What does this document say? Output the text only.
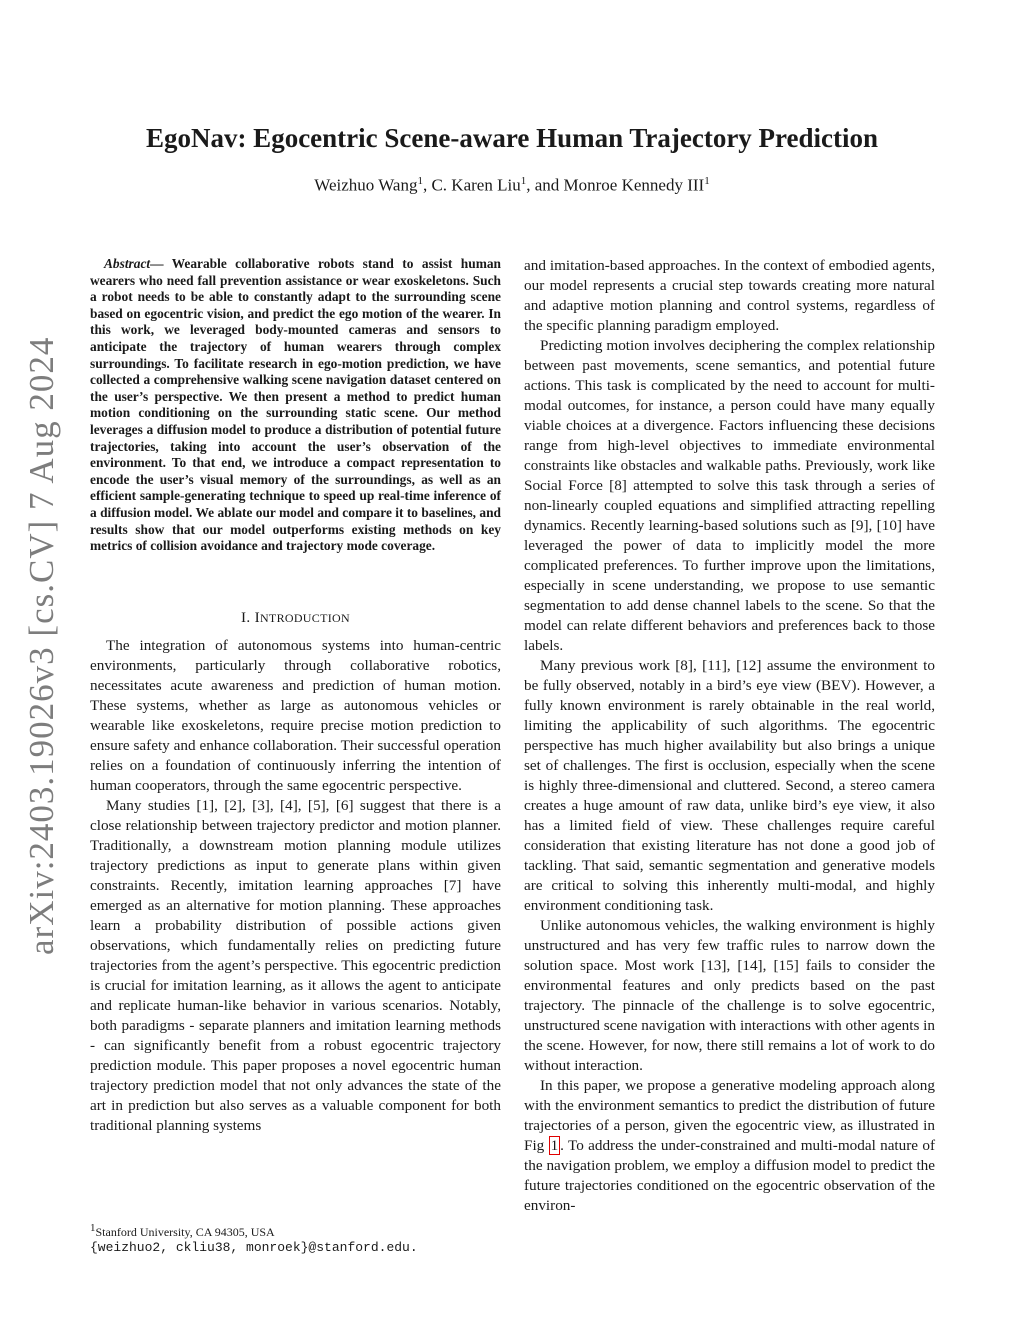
arXiv:2403.19026v3 [cs.CV] 7 Aug 2024
EgoNav: Egocentric Scene-aware Human Trajectory Prediction
Weizhuo Wang$^1$, C. Karen Liu$^1$, and Monroe Kennedy III$^1$

Abstract— Wearable collaborative robots stand to assist human wearers who need fall prevention assistance or wear exoskeletons. Such a robot needs to be able to constantly adapt to the surrounding scene based on egocentric vision, and predict the ego motion of the wearer. In this work, we leveraged body-mounted cameras and sensors to anticipate the trajectory of human wearers through complex surroundings. To facilitate research in ego-motion prediction, we have collected a comprehensive walking scene navigation dataset centered on the user’s perspective. We then present a method to predict human motion conditioning on the surrounding static scene. Our method leverages a diffusion model to produce a distribution of potential future trajectories, taking into account the user’s observation of the environment. To that end, we introduce a compact representation to encode the user’s visual memory of the surroundings, as well as an efficient sample-generating technique to speed up real-time inference of a diffusion model. We ablate our model and compare it to baselines, and results show that our model outperforms existing methods on key metrics of collision avoidance and trajectory mode coverage.

I. INTRODUCTION

The integration of autonomous systems into human-centric environments, particularly through collaborative robotics, necessitates acute awareness and prediction of human motion. These systems, whether as large as autonomous vehicles or wearable like exoskeletons, require precise motion prediction to ensure safety and enhance collaboration. Their successful operation relies on a foundation of continuously inferring the intention of human cooperators, through the same egocentric perspective.

Many studies [1], [2], [3], [4], [5], [6] suggest that there is a close relationship between trajectory predictor and motion planner. Traditionally, a downstream motion planning module utilizes trajectory predictions as input to generate plans within given constraints. Recently, imitation learning approaches [7] have emerged as an alternative for motion planning. These approaches learn a probability distribution of possible actions given observations, which fundamentally relies on predicting future trajectories from the agent’s perspective. This egocentric prediction is crucial for imitation learning, as it allows the agent to anticipate and replicate human-like behavior in various scenarios. Notably, both paradigms - separate planners and imitation learning methods - can significantly benefit from a robust egocentric trajectory prediction module. This paper proposes a novel egocentric human trajectory prediction model that not only advances the state of the art in prediction but also serves as a valuable component for both traditional planning systems

and imitation-based approaches. In the context of embodied agents, our model represents a crucial step towards creating more natural and adaptive motion planning and control systems, regardless of the specific planning paradigm employed.

Predicting motion involves deciphering the complex relationship between past movements, scene semantics, and potential future actions. This task is complicated by the need to account for multi-modal outcomes, for instance, a person could have many equally viable choices at a divergence. Factors influencing these decisions range from high-level objectives to immediate environmental constraints like obstacles and walkable paths. Previously, work like Social Force [8] attempted to solve this task through a series of non-linearly coupled equations and simplified attracting repelling dynamics. Recently learning-based solutions such as [9], [10] have leveraged the power of data to implicitly model the more complicated preferences. To further improve upon the limitations, especially in scene understanding, we propose to use semantic segmentation to add dense channel labels to the scene. So that the model can relate different behaviors and preferences back to those labels.

Many previous work [8], [11], [12] assume the environment to be fully observed, notably in a bird’s eye view (BEV). However, a fully known environment is rarely obtainable in the real world, limiting the applicability of such algorithms. The egocentric perspective has much higher availability but also brings a unique set of challenges. The first is occlusion, especially when the scene is highly three-dimensional and cluttered. Second, a stereo camera creates a huge amount of raw data, unlike bird’s eye view, it also has a limited field of view. These challenges require careful consideration that existing literature has not done a good job of tackling. That said, semantic segmentation and generative models are critical to solving this inherently multi-modal, and highly environment conditioning task.

Unlike autonomous vehicles, the walking environment is highly unstructured and has very few traffic rules to narrow down the solution space. Most work [13], [14], [15] fails to consider the environmental features and only predicts based on the past trajectory. The pinnacle of the challenge is to solve egocentric, unstructured scene navigation with interactions with other agents in the scene. However, for now, there still remains a lot of work to do without interaction.

In this paper, we propose a generative modeling approach along with the environment semantics to predict the distribution of future trajectories of a person, given the egocentric view, as illustrated in Fig 1 . To address the under-constrained and multi-modal nature of the navigation problem, we employ a diffusion model to predict the future trajectories conditioned on the egocentric observation of the environ-

$^1$Stanford University, CA 94305, USA
{weizhuo2, ckliu38, monroek}@stanford.edu.
